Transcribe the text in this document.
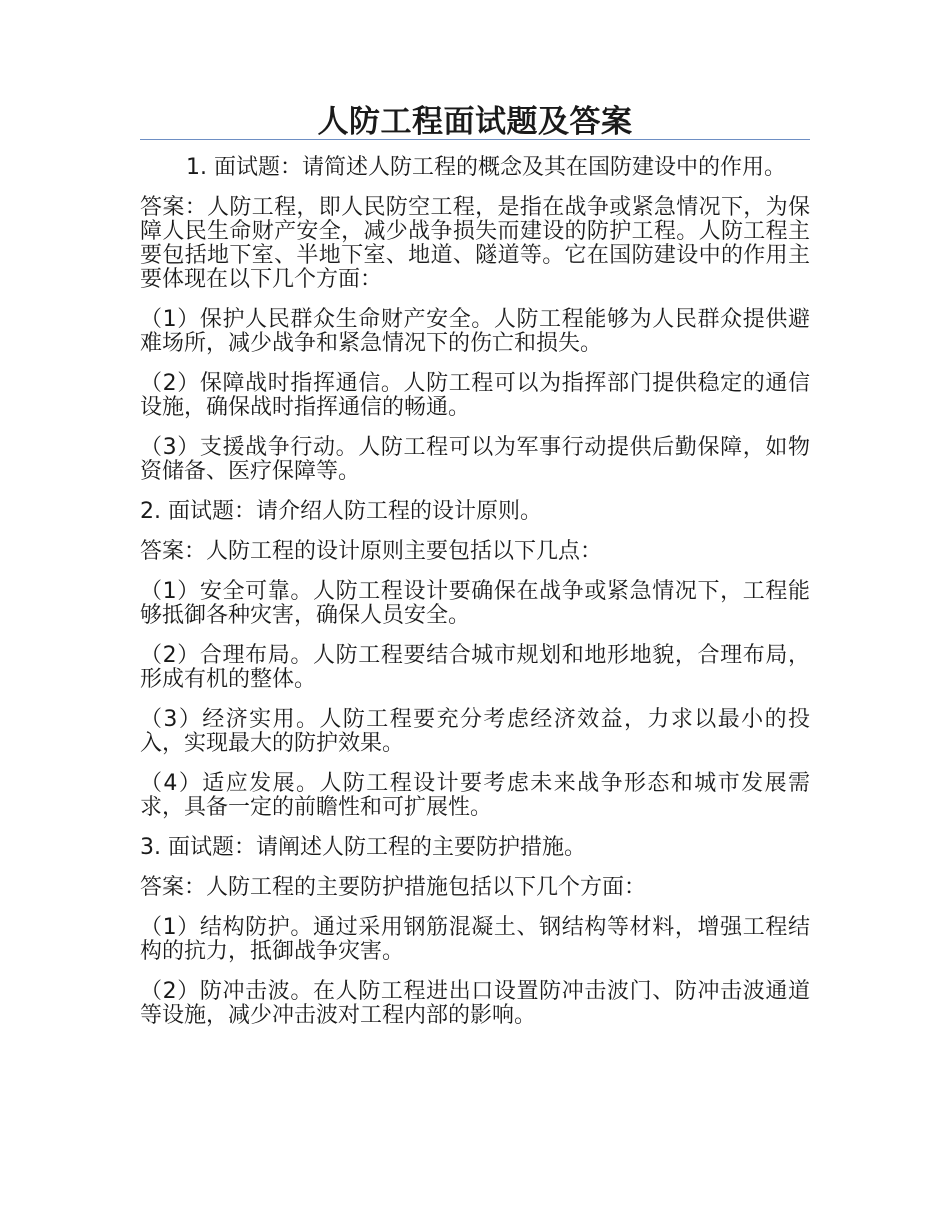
人防工程面试题及答案

1. 面试题：请简述人防工程的概念及其在国防建设中的作用。

答案：人防工程，即人民防空工程，是指在战争或紧急情况下，为保障人民生命财产安全，减少战争损失而建设的防护工程。人防工程主要包括地下室、半地下室、地道、隧道等。它在国防建设中的作用主要体现在以下几个方面：

（1）保护人民群众生命财产安全。人防工程能够为人民群众提供避难场所，减少战争和紧急情况下的伤亡和损失。

（2）保障战时指挥通信。人防工程可以为指挥部门提供稳定的通信设施，确保战时指挥通信的畅通。

（3）支援战争行动。人防工程可以为军事行动提供后勤保障，如物资储备、医疗保障等。

2. 面试题：请介绍人防工程的设计原则。

答案：人防工程的设计原则主要包括以下几点：

（1）安全可靠。人防工程设计要确保在战争或紧急情况下，工程能够抵御各种灾害，确保人员安全。

（2）合理布局。人防工程要结合城市规划和地形地貌，合理布局，形成有机的整体。

（3）经济实用。人防工程要充分考虑经济效益，力求以最小的投入，实现最大的防护效果。

（4）适应发展。人防工程设计要考虑未来战争形态和城市发展需求，具备一定的前瞻性和可扩展性。

3. 面试题：请阐述人防工程的主要防护措施。

答案：人防工程的主要防护措施包括以下几个方面：

（1）结构防护。通过采用钢筋混凝土、钢结构等材料，增强工程结构的抗力，抵御战争灾害。

（2）防冲击波。在人防工程进出口设置防冲击波门、防冲击波通道等设施，减少冲击波对工程内部的影响。
